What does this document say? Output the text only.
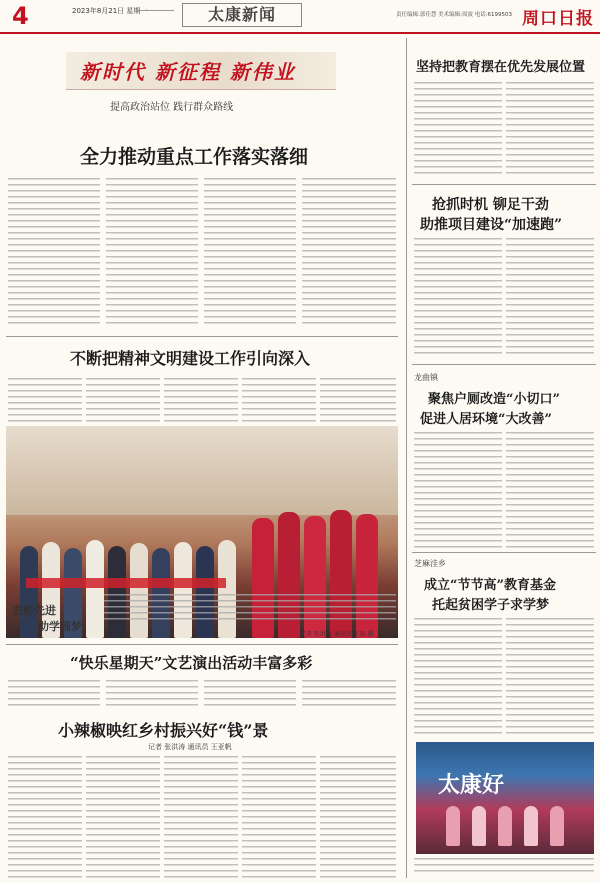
4	2023年8月21日 星期一	太康新闻	责任编辑:郭佳慧 美术编辑:周波 电话:6199503 周口日报
新时代 新征程 新伟业
提高政治站位 践行群众路线
全力推动重点工作落实落细
不断把精神文明建设工作引向深入
表彰先进
助学圆梦
记者 张洪涛 通讯员 王磊 摄
“快乐星期天”文艺演出活动丰富多彩
小辣椒映红乡村振兴好“钱”景
记者 张洪涛 通讯员 王亚帆
坚持把教育摆在优先发展位置
抢抓时机 铆足干劲
助推项目建设“加速跑”
龙曲镇
聚焦户厕改造“小切口”
促进人居环境“大改善”
芝麻洼乡
成立“节节高”教育基金
托起贫困学子求学梦
太康好
